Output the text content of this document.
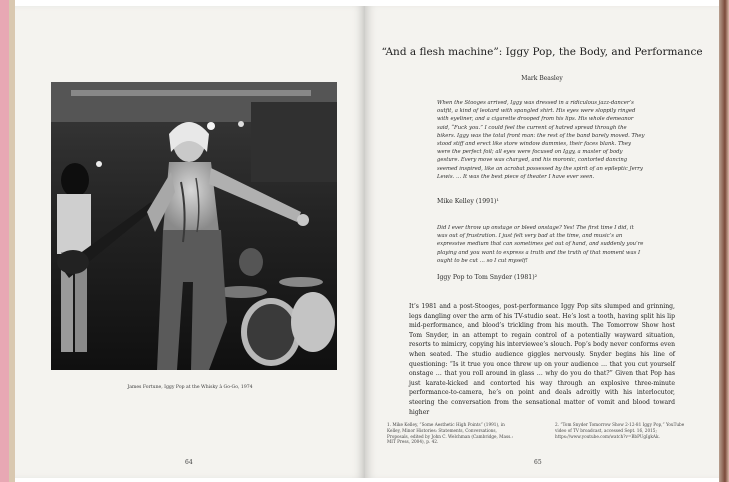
James Fortune, Iggy Pop at the Whisky à Go-Go, 1974
64
“And a flesh machine”: Iggy Pop, the Body, and Performance
Mark Beasley
When the Stooges arrived, Iggy was dressed in a ridiculous jazz-dancer’s outfit, a kind of leotard with spangled shirt. His eyes were sloppily ringed with eyeliner, and a cigarette drooped from his lips. His whole demeanor said, “Fuck you.” I could feel the current of hatred spread through the bikers. Iggy was the total front man: the rest of the band barely moved. They stood stiff and erect like store window dummies, their faces blank. They were the perfect foil; all eyes were focused on Iggy, a master of body gesture. Every move was charged, and his moronic, contorted dancing seemed inspired, like an acrobat possessed by the spirit of an epileptic Jerry Lewis. … It was the best piece of theater I have ever seen.
Mike Kelley (1991)¹
Did I ever throw up onstage or bleed onstage? Yes! The first time I did, it was out of frustration. I just felt very bad at the time, and music’s an expressive medium that can sometimes get out of hand, and suddenly you’re playing and you want to express a truth and the truth of that moment was I ought to be cut … so I cut myself!
Iggy Pop to Tom Snyder (1981)²
It’s 1981 and a post-Stooges, post-performance Iggy Pop sits slumped and grinning, legs dangling over the arm of his TV-studio seat. He’s lost a tooth, having split his lip mid-performance, and blood’s trickling from his mouth. The Tomorrow Show host Tom Snyder, in an attempt to regain control of a potentially wayward situation, resorts to mimicry, copying his interviewee’s slouch. Pop’s body never conforms even when seated. The studio audience giggles nervously. Snyder begins his line of questioning: “Is it true you once threw up on your audience … that you cut yourself onstage … that you roll around in glass … why do you do that?” Given that Pop has just karate-kicked and contorted his way through an explosive three-minute performance-to-camera, he’s on point and deals adroitly with his interlocutor, steering the conversation from the sensational matter of vomit and blood toward higher
1. Mike Kelley, “Some Aesthetic High Points” (1991), in Kelley, Minor Histories: Statements, Conversations, Proposals, edited by John C. Welchman (Cambridge, Mass.: MIT Press, 2004), p. 42.
2. “Tom Snyder Tomorrow Show 2-12-81 Iggy Pop,” YouTube video of TV broadcast, accessed Sept. 16, 2015; https://www.youtube.com/watch?v=BbPUgIgkAk.
65
